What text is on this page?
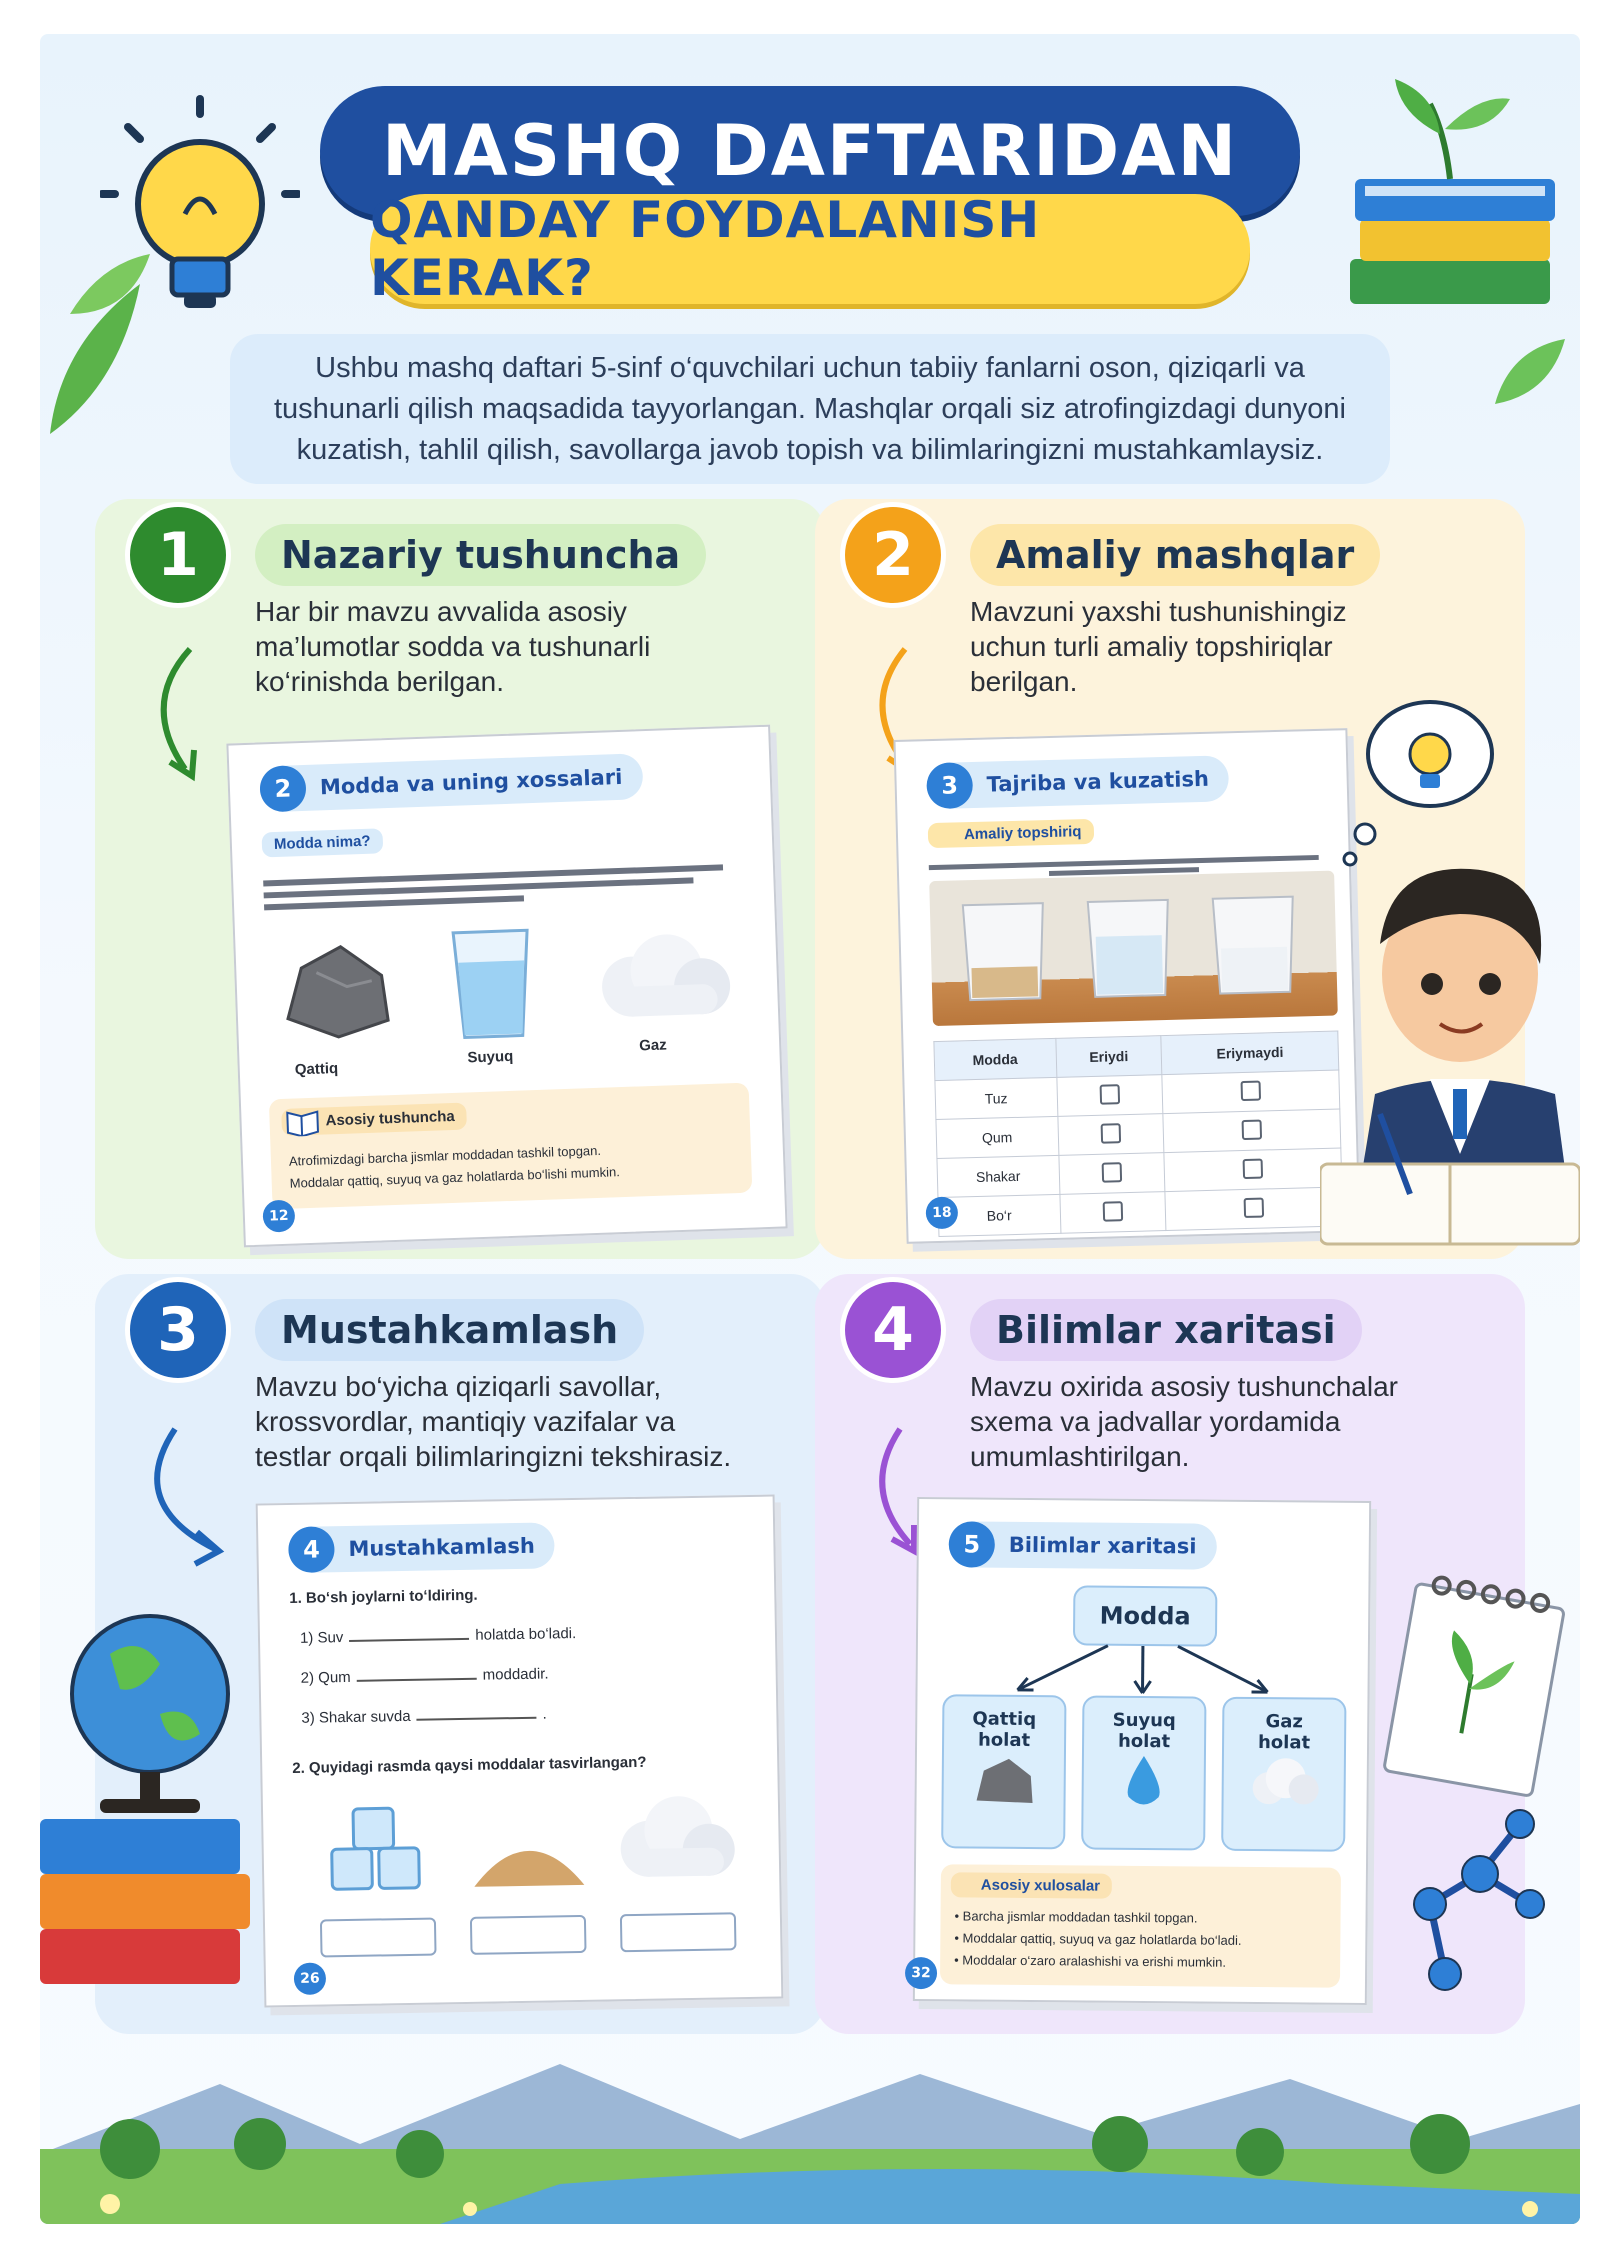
MASHQ DAFTARIDAN
QANDAY FOYDALANISH KERAK?

Ushbu mashq daftari 5-sinf o‘quvchilari uchun tabiiy fanlarni oson, qiziqarli va
tushunarli qilish maqsadida tayyorlangan. Mashqlar orqali siz atrofingizdagi dunyoni
kuzatish, tahlil qilish, savollarga javob topish va bilimlaringizni mustahkamlaysiz.

1	Nazariy tushuncha
Har bir mavzu avvalida asosiy
ma’lumotlar sodda va tushunarli
ko‘rinishda berilgan.
2	Modda va uning xossalari
Modda nima?
Qattiq
Suyuq
Gaz
Asosiy tushuncha
Atrofimizdagi barcha jismlar moddadan tashkil topgan.
Moddalar qattiq, suyuq va gaz holatlarda bo‘lishi mumkin.
12
2	Amaliy mashqlar
Mavzuni yaxshi tushunishingiz
uchun turli amaliy topshiriqlar
berilgan.
3	Tajriba va kuzatish
Amaliy topshiriq
Modda	Eriydi	Eriymaydi
Tuz		
Qum		
Shakar		
Bo‘r		
18
3	Mustahkamlash
Mavzu bo‘yicha qiziqarli savollar,
krossvordlar, mantiqiy vazifalar va
testlar orqali bilimlaringizni tekshirasiz.
4	Mustahkamlash
1. Bo‘sh joylarni to‘ldiring.
1) Suv	holatda bo‘ladi.
2) Qum	moddadir.
3) Shakar suvda	.
2. Quyidagi rasmda qaysi moddalar tasvirlangan?
26
4	Bilimlar xaritasi
Mavzu oxirida asosiy tushunchalar
sxema va jadvallar yordamida
umumlashtirilgan.
5	Bilimlar xaritasi
Modda
Qattiq
holat
Suyuq
holat
Gaz
holat
Asosiy xulosalar
• Barcha jismlar moddadan tashkil topgan.
• Moddalar qattiq, suyuq va gaz holatlarda bo‘ladi.
• Moddalar o‘zaro aralashishi va erishi mumkin.
32
